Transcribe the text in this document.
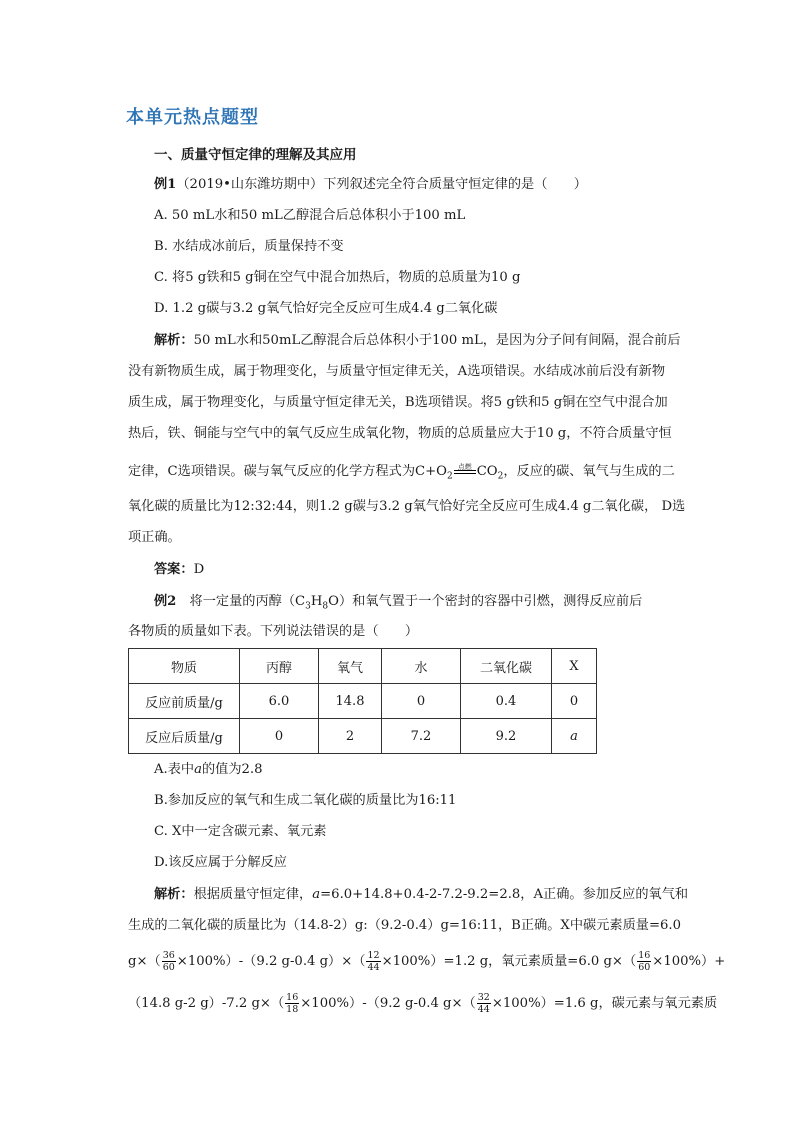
本单元热点题型
一、质量守恒定律的理解及其应用
例1（2019•山东潍坊期中）下列叙述完全符合质量守恒定律的是（　　）
A. 50 mL水和50 mL乙醇混合后总体积小于100 mL
B. 水结成冰前后，质量保持不变
C. 将5 g铁和5 g铜在空气中混合加热后，物质的总质量为10 g
D. 1.2 g碳与3.2 g氧气恰好完全反应可生成4.4 g二氧化碳
解析：50 mL水和50mL乙醇混合后总体积小于100 mL，是因为分子间有间隔，混合前后
没有新物质生成，属于物理变化，与质量守恒定律无关，A选项错误。水结成冰前后没有新物
质生成，属于物理变化，与质量守恒定律无关，B选项错误。将5 g铁和5 g铜在空气中混合加
热后，铁、铜能与空气中的氧气反应生成氧化物，物质的总质量应大于10 g，不符合质量守恒
定律，C选项错误。碳与氧气反应的化学方程式为$C+O_2$
点燃 $CO_2$，反应的碳、氧气与生成的二
氧化碳的质量比为12:32:44，则1.2 g碳与3.2 g氧气恰好完全反应可生成4.4 g二氧化碳， D选
项正确。
答案：D
例2　将一定量的丙醇$(C_3H_8O)$和氧气置于一个密封的容器中引燃，测得反应前后
各物质的质量如下表。下列说法错误的是（　　）
物质	丙醇	氧气	水	二氧化碳	X
反应前质量/g	6.0	14.8	0	0.4	0
反应后质量/g	0	2	7.2	9.2	a
A.表中a的值为2.8
B.参加反应的氧气和生成二氧化碳的质量比为16:11
C. X中一定含碳元素、氧元素
D.该反应属于分解反应
解析：根据质量守恒定律，a=6.0+14.8+0.4-2-7.2-9.2=2.8，A正确。参加反应的氧气和
生成的二氧化碳的质量比为（14.8-2）g:（9.2-0.4）g=16:11，B正确。X中碳元素质量=6.0
$g\times( \frac{36}{60} \times 100\%)-(9.2$ g-0.4 $g)\times( \frac{12}{44} \times 100\%)=1.2$ g，氧元素质量=6.0 $g\times( \frac{16}{60} \times 100\%)+$
（14.8 g-2 g）-7.2 $g\times( \frac{16}{18} \times 100\%)-(9.2$ g-0.4 $g\times( \frac{32}{44} \times 100\%)=1.6$ g，碳元素与氧元素质
